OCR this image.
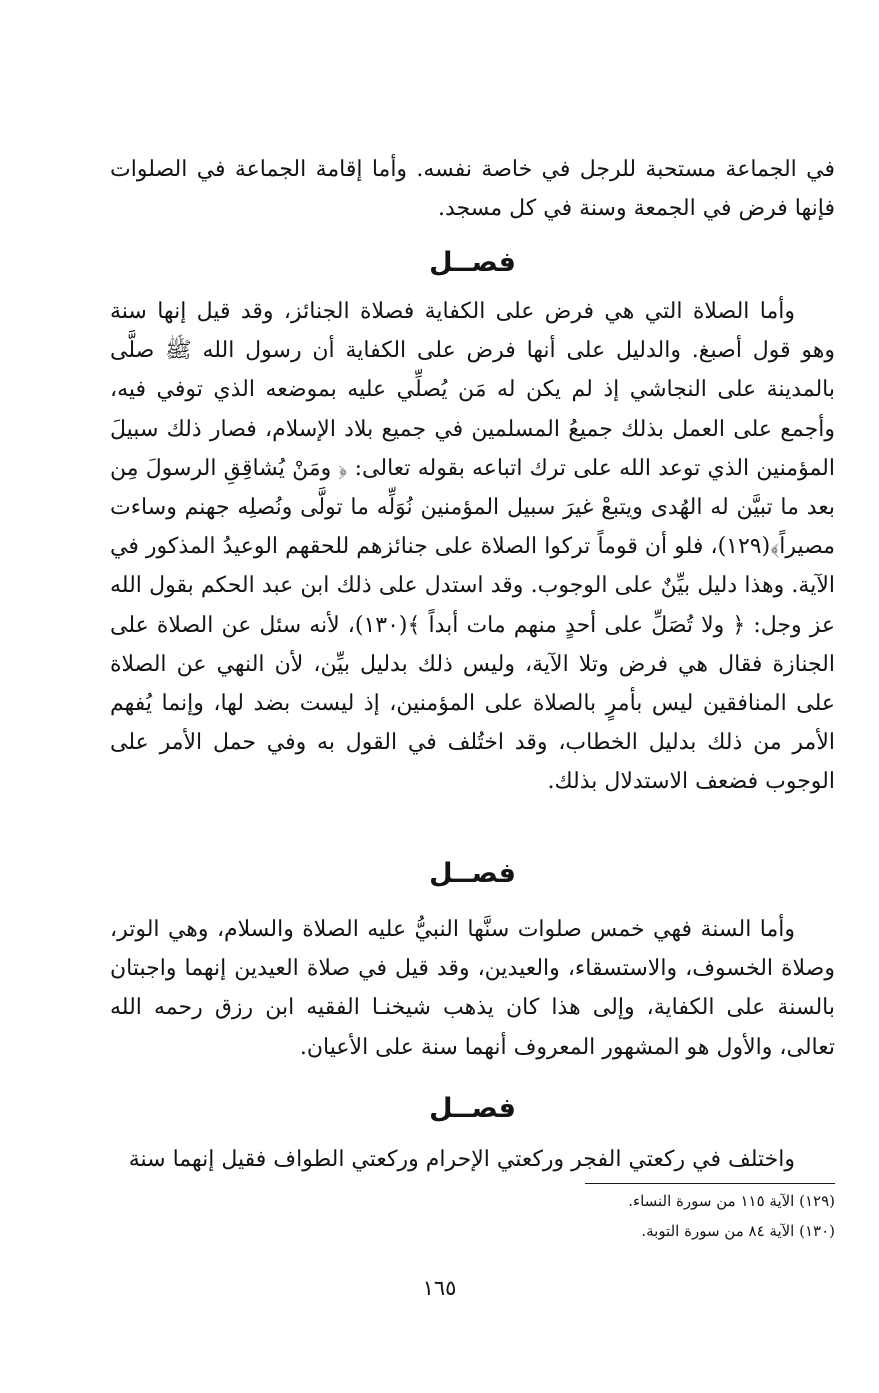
في الجماعة مستحبة للرجل في خاصة نفسه. وأما إقامة الجماعة في الصلوات فإنها فرض في الجمعة وسنة في كل مسجد.

فصــل

وأما الصلاة التي هي فرض على الكفاية فصلاة الجنائز، وقد قيل إنها سنة وهو قول أصبغ. والدليل على أنها فرض على الكفاية أن رسول الله ﷺ صلَّى بالمدينة على النجاشي إذ لم يكن له مَن يُصلِّي عليه بموضعه الذي توفي فيه، وأجمع على العمل بذلك جميعُ المسلمين في جميع بلاد الإسلام، فصار ذلك سبيلَ المؤمنين الذي توعد الله على ترك اتباعه بقوله تعالى: ﴿ ومَنْ يُشاقِقِ الرسولَ مِن بعد ما تبيَّن له الهُدى ويتبعْ غيرَ سبيل المؤمنين نُوَلِّه ما تولَّى ونُصلِه جهنم وساءت مصيراً﴾(١٢٩)، فلو أن قوماً تركوا الصلاة على جنائزهم للحقهم الوعيدُ المذكور في الآية. وهذا دليل بيِّنٌ على الوجوب. وقد استدل على ذلك ابن عبد الحكم بقول الله عز وجل: ﴿ ولا تُصَلِّ على أحدٍ منهم مات أبداً ﴾(١٣٠)، لأنه سئل عن الصلاة على الجنازة فقال هي فرض وتلا الآية، وليس ذلك بدليل بيِّن، لأن النهي عن الصلاة على المنافقين ليس بأمرٍ بالصلاة على المؤمنين، إذ ليست بضد لها، وإنما يُفهم الأمر من ذلك بدليل الخطاب، وقد اختُلف في القول به وفي حمل الأمر على الوجوب فضعف الاستدلال بذلك.

فصــل

وأما السنة فهي خمس صلوات سنَّها النبيُّ عليه الصلاة والسلام، وهي الوتر، وصلاة الخسوف، والاستسقاء، والعيدين، وقد قيل في صلاة العيدين إنهما واجبتان بالسنة على الكفاية، وإلى هذا كان يذهب شيخنـا الفقيه ابن رزق رحمه الله تعالى، والأول هو المشهور المعروف أنهما سنة على الأعيان.

فصــل

واختلف في ركعتي الفجر وركعتي الإحرام وركعتي الطواف فقيل إنهما سنة

(١٢٩) الآية ١١٥ من سورة النساء.
(١٣٠) الآية ٨٤ من سورة التوبة.
١٦٥
